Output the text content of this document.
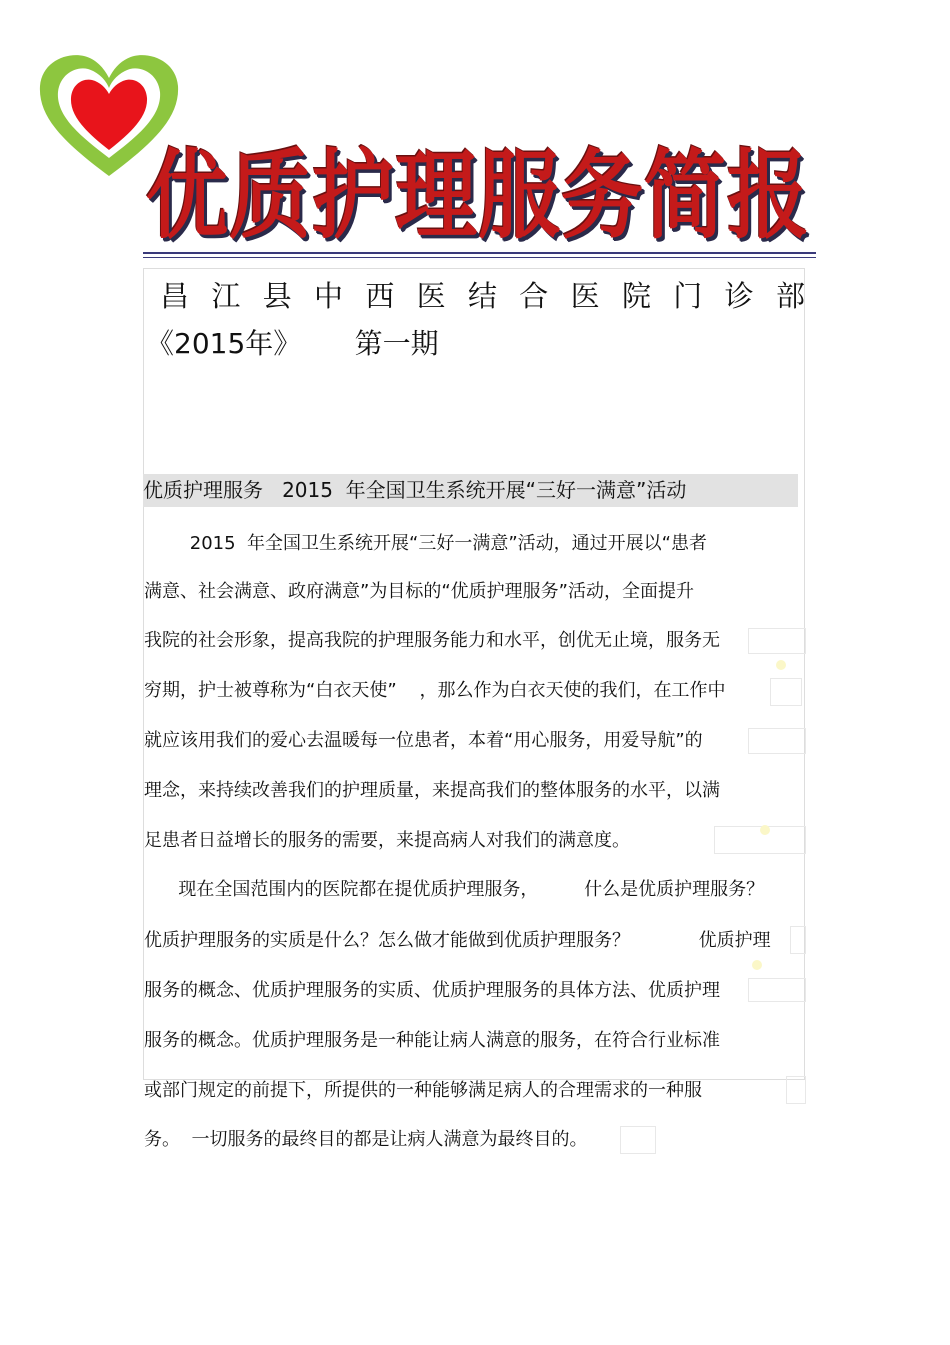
优质护理服务简报
昌 江 县 中 西 医 结 合 医 院 门 诊 部
《2015年》      第一期
优质护理服务   2015  年全国卫生系统开展“三好一满意”活动
2015  年全国卫生系统开展“三好一满意”活动，通过开展以“患者
满意、社会满意、政府满意”为目标的“优质护理服务”活动，全面提升
我院的社会形象，提高我院的护理服务能力和水平，创优无止境，服务无
穷期，护士被尊称为“白衣天使”    ，那么作为白衣天使的我们，在工作中
就应该用我们的爱心去温暖每一位患者，本着“用心服务，用爱导航”的
理念，来持续改善我们的护理质量，来提高我们的整体服务的水平，以满
足患者日益增长的服务的需要，来提高病人对我们的满意度。
现在全国范围内的医院都在提优质护理服务，        什么是优质护理服务？
优质护理服务的实质是什么？怎么做才能做到优质护理服务？            优质护理
服务的概念、优质护理服务的实质、优质护理服务的具体方法、优质护理
服务的概念。优质护理服务是一种能让病人满意的服务，在符合行业标准
或部门规定的前提下，所提供的一种能够满足病人的合理需求的一种服
务。  一切服务的最终目的都是让病人满意为最终目的。
